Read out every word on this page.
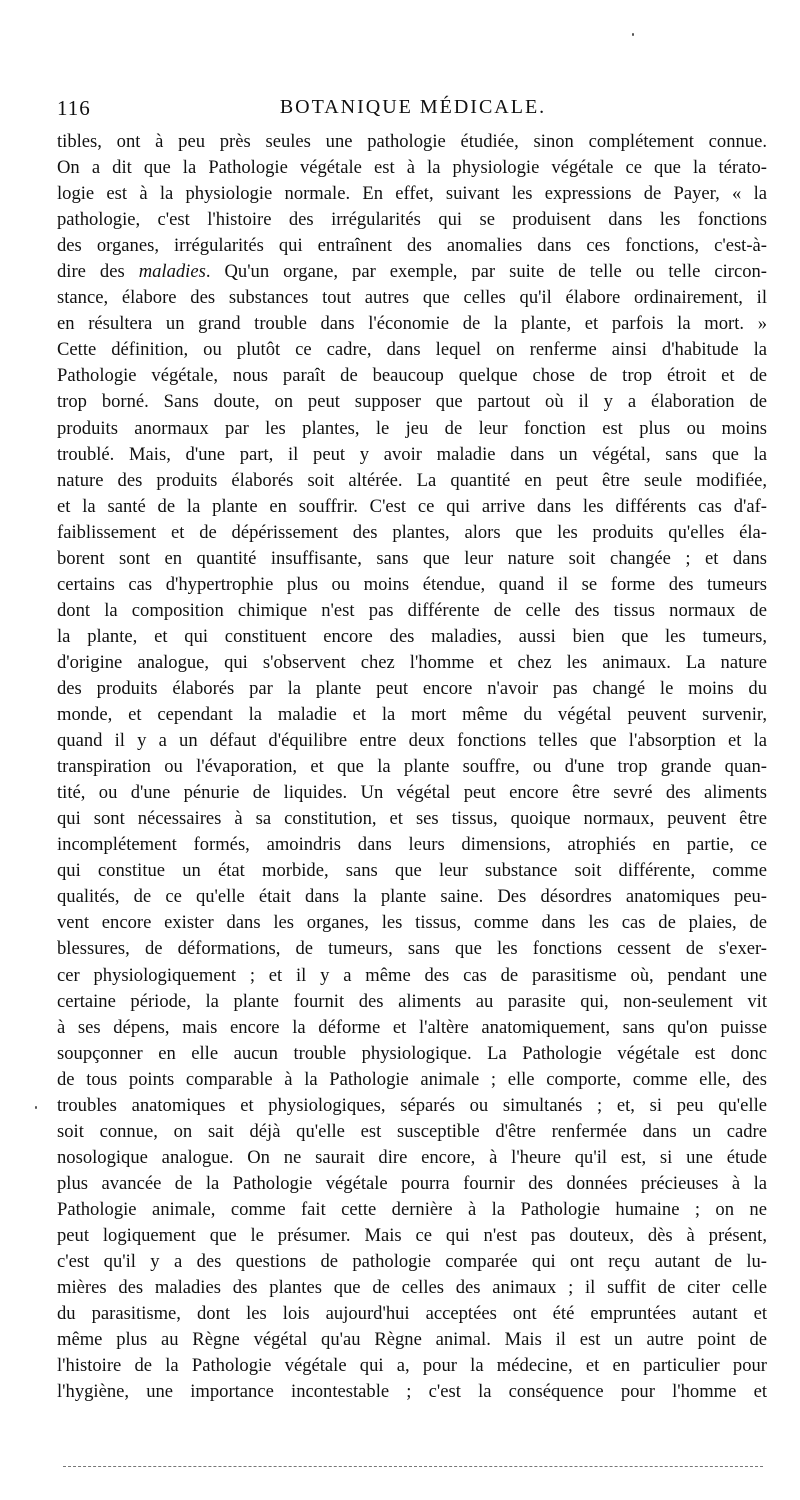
116	BOTANIQUE MÉDICALE.
tibles, ont à peu près seules une pathologie étudiée, sinon complétement connue.
On a dit que la Pathologie végétale est à la physiologie végétale ce que la térato-
logie est à la physiologie normale. En effet, suivant les expressions de Payer, « la
pathologie, c'est l'histoire des irrégularités qui se produisent dans les fonctions
des organes, irrégularités qui entraînent des anomalies dans ces fonctions, c'est-à-
dire des maladies. Qu'un organe, par exemple, par suite de telle ou telle circon-
stance, élabore des substances tout autres que celles qu'il élabore ordinairement, il
en résultera un grand trouble dans l'économie de la plante, et parfois la mort. »
Cette définition, ou plutôt ce cadre, dans lequel on renferme ainsi d'habitude la
Pathologie végétale, nous paraît de beaucoup quelque chose de trop étroit et de
trop borné. Sans doute, on peut supposer que partout où il y a élaboration de
produits anormaux par les plantes, le jeu de leur fonction est plus ou moins
troublé. Mais, d'une part, il peut y avoir maladie dans un végétal, sans que la
nature des produits élaborés soit altérée. La quantité en peut être seule modifiée,
et la santé de la plante en souffrir. C'est ce qui arrive dans les différents cas d'af-
faiblissement et de dépérissement des plantes, alors que les produits qu'elles éla-
borent sont en quantité insuffisante, sans que leur nature soit changée ; et dans
certains cas d'hypertrophie plus ou moins étendue, quand il se forme des tumeurs
dont la composition chimique n'est pas différente de celle des tissus normaux de
la plante, et qui constituent encore des maladies, aussi bien que les tumeurs,
d'origine analogue, qui s'observent chez l'homme et chez les animaux. La nature
des produits élaborés par la plante peut encore n'avoir pas changé le moins du
monde, et cependant la maladie et la mort même du végétal peuvent survenir,
quand il y a un défaut d'équilibre entre deux fonctions telles que l'absorption et la
transpiration ou l'évaporation, et que la plante souffre, ou d'une trop grande quan-
tité, ou d'une pénurie de liquides. Un végétal peut encore être sevré des aliments
qui sont nécessaires à sa constitution, et ses tissus, quoique normaux, peuvent être
incomplétement formés, amoindris dans leurs dimensions, atrophiés en partie, ce
qui constitue un état morbide, sans que leur substance soit différente, comme
qualités, de ce qu'elle était dans la plante saine. Des désordres anatomiques peu-
vent encore exister dans les organes, les tissus, comme dans les cas de plaies, de
blessures, de déformations, de tumeurs, sans que les fonctions cessent de s'exer-
cer physiologiquement ; et il y a même des cas de parasitisme où, pendant une
certaine période, la plante fournit des aliments au parasite qui, non-seulement vit
à ses dépens, mais encore la déforme et l'altère anatomiquement, sans qu'on puisse
soupçonner en elle aucun trouble physiologique. La Pathologie végétale est donc
de tous points comparable à la Pathologie animale ; elle comporte, comme elle, des
troubles anatomiques et physiologiques, séparés ou simultanés ; et, si peu qu'elle
soit connue, on sait déjà qu'elle est susceptible d'être renfermée dans un cadre
nosologique analogue. On ne saurait dire encore, à l'heure qu'il est, si une étude
plus avancée de la Pathologie végétale pourra fournir des données précieuses à la
Pathologie animale, comme fait cette dernière à la Pathologie humaine ; on ne
peut logiquement que le présumer. Mais ce qui n'est pas douteux, dès à présent,
c'est qu'il y a des questions de pathologie comparée qui ont reçu autant de lu-
mières des maladies des plantes que de celles des animaux ; il suffit de citer celle
du parasitisme, dont les lois aujourd'hui acceptées ont été empruntées autant et
même plus au Règne végétal qu'au Règne animal. Mais il est un autre point de
l'histoire de la Pathologie végétale qui a, pour la médecine, et en particulier pour
l'hygiène, une importance incontestable ; c'est la conséquence pour l'homme et
